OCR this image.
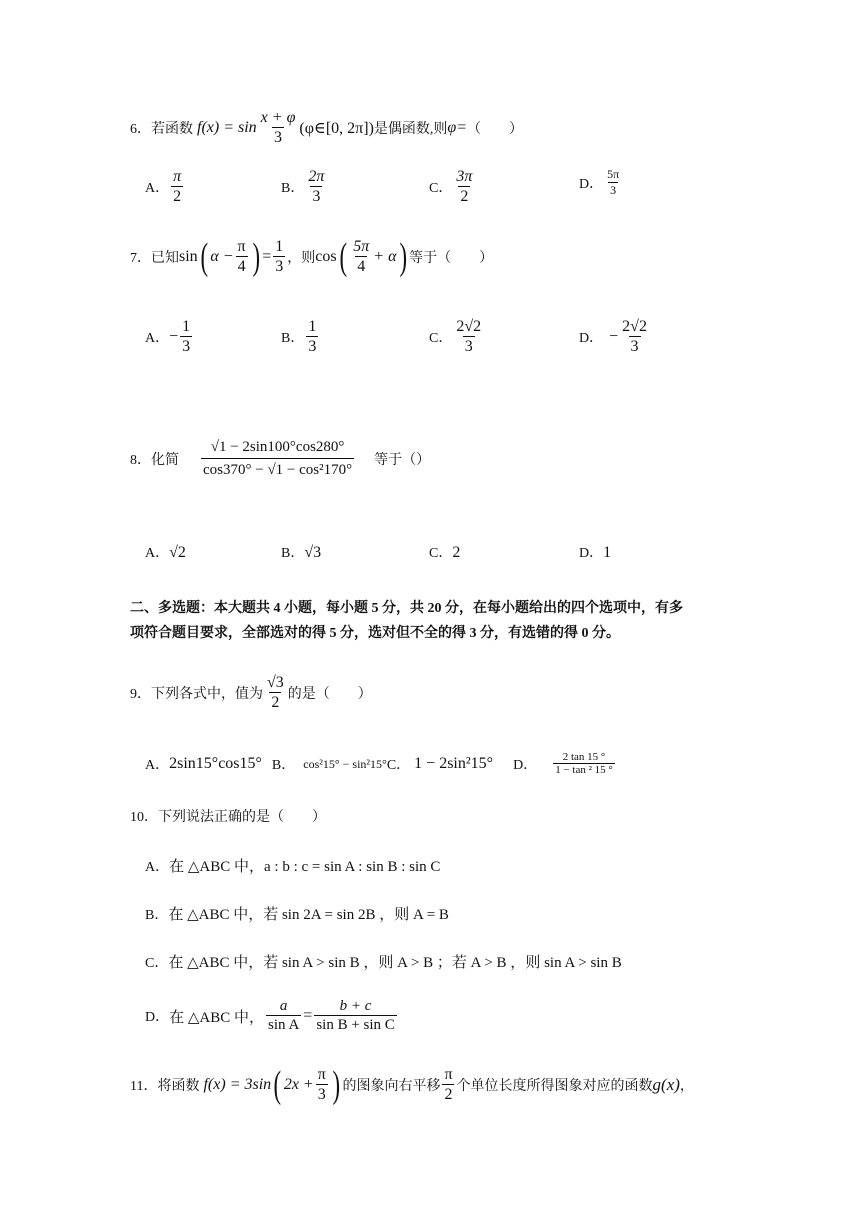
6． 若函数 $f(x) = \sin \frac{x + \varphi}{3}$ (φ∈[0, 2π]) 是偶函数,则 φ= （　　）
A． $\frac{\pi}{2}$	B． $\frac{2\pi}{3}$	C． $\frac{3\pi}{2}$	D． $\frac{5\pi}{3}$
7． 已知 sin ( $\alpha - \frac{\pi}{4}$ ) = $\frac{1}{3}$ ，则 cos ( $\frac{5\pi}{4} + \alpha$ ) 等于（　　）
A． − $\frac{1}{3}$	B． $\frac{1}{3}$	C． $\frac{2√2}{3}$	D． − $\frac{2√2}{3}$
8． 化简 $\frac{√1 - 2\sin 100^\circ\cos 280^\circ}{\text{cos370° − √1 − cos²170°}}$ 等于（）
A．√2	B．√3	C．2	D．1
二、多选题：本大题共 4 小题，每小题 5 分，共 20 分，在每小题给出的四个选项中，有多
项符合题目要求，全部选对的得 5 分，选对但不全的得 3 分，有选错的得 0 分。
9． 下列各式中，值为 $\frac{√3}{2}$ 的是（　　）
A． 2sin15°cos15° B． cos²15° − sin²15° C． 1 − 2sin²15° D． $\frac{2 \tan 15 ^\circ}{\text{1 − tan ² 15 °}}$
10．下列说法正确的是（　　）
A．在 △ABC 中，a : b : c = sin A : sin B : sin C
B．在 △ABC 中，若 sin 2A = sin 2B ，则 A = B
C．在 △ABC 中，若 sin A > sin B ，则 A > B ；若 A > B ，则 sin A > sin B
D． 在 △ABC 中， $\frac{a}{\text{sin A}} = \frac{b + c}{\text{sin B + sin C}}$
11． 将函数 f(x) = 3sin ( $2x + \frac{\pi}{3}$ ) 的图象向右平移 $\frac{\pi}{2}$ 个单位长度所得图象对应的函数 g(x) ，
